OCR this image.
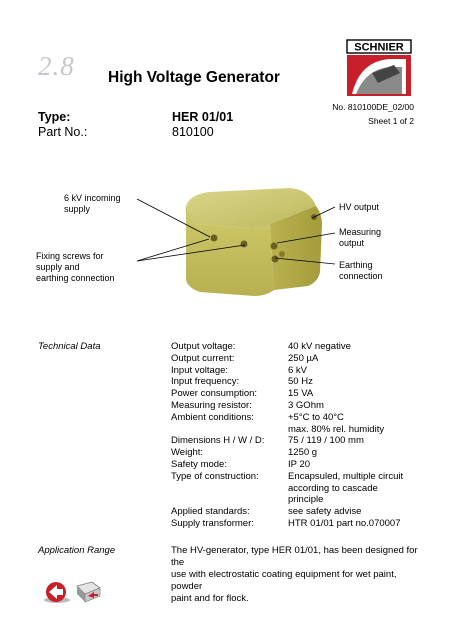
2.8 High Voltage Generator
SCHNIER
Type:	HER 01/01
Part No.:	810100
No. 810100DE_02/00
Sheet 1 of 2
6 kV incoming
supply
Fixing screws for
supply and
earthing connection
HV output
Measuring
output
Earthing
connection
Technical Data	Output voltage:	40 kV negative
Output current:	250 µA
Input voltage:	6 kV
Input frequency:	50 Hz
Power consumption:	15 VA
Measuring resistor:	3 GOhm
Ambient conditions:	+5°C to 40°C
max. 80% rel. humidity
Dimensions H / W / D:	75 / 119 / 100 mm
Weight:	1250 g
Safety mode:	IP 20
Type of construction:	Encapsuled, multiple circuit
according to cascade
principle
Applied standards:	see safety advise
Supply transformer:	HTR 01/01 part no.070007
Application Range	The HV-generator, type HER 01/01, has been designed for the
use with electrostatic coating equipment for wet paint, powder
paint and for flock.
